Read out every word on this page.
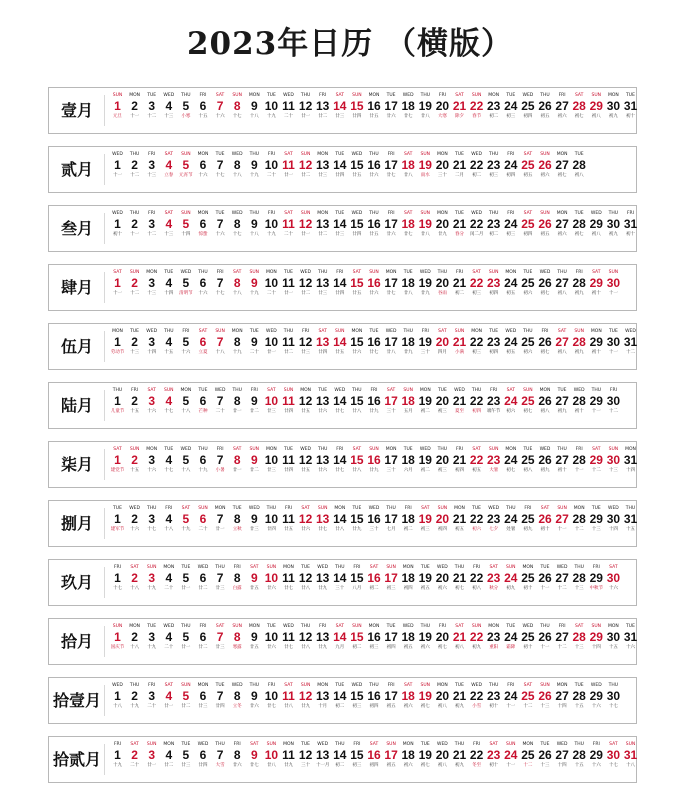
2023年日历 （横版）
壹月
SUN
1
元旦
MON
2
十一
TUE
3
十二
WED
4
十三
THU
5
小寒
FRI
6
十五
SAT
7
十六
SUN
8
十七
MON
9
十八
TUE
10
十九
WED
11
二十
THU
12
廿一
FRI
13
廿二
SAT
14
廿三
SUN
15
廿四
MON
16
廿五
TUE
17
廿六
WED
18
廿七
THU
19
廿八
FRI
20
大寒
SAT
21
除夕
SUN
22
春节
MON
23
初二
TUE
24
初三
WED
25
初四
THU
26
初五
FRI
27
初六
SAT
28
初七
SUN
29
初八
MON
30
初九
TUE
31
初十
贰月
WED
1
十一
THU
2
十二
FRI
3
十三
SAT
4
立春
SUN
5
元宵节
MON
6
十六
TUE
7
十七
WED
8
十八
THU
9
十九
FRI
10
二十
SAT
11
廿一
SUN
12
廿二
MON
13
廿三
TUE
14
廿四
WED
15
廿五
THU
16
廿六
FRI
17
廿七
SAT
18
廿八
SUN
19
雨水
MON
20
三十
TUE
21
二月
WED
22
初二
THU
23
初三
FRI
24
初四
SAT
25
初五
SUN
26
初六
MON
27
初七
TUE
28
初八
叁月
WED
1
初十
THU
2
十一
FRI
3
十二
SAT
4
十三
SUN
5
十四
MON
6
惊蛰
TUE
7
十六
WED
8
十七
THU
9
十八
FRI
10
十九
SAT
11
二十
SUN
12
廿一
MON
13
廿二
TUE
14
廿三
WED
15
廿四
THU
16
廿五
FRI
17
廿六
SAT
18
廿七
SUN
19
廿八
MON
20
廿九
TUE
21
春分
WED
22
闰二月
THU
23
初二
FRI
24
初三
SAT
25
初四
SUN
26
初五
MON
27
初六
TUE
28
初七
WED
29
初八
THU
30
初九
FRI
31
初十
肆月
SAT
1
十一
SUN
2
十二
MON
3
十三
TUE
4
十四
WED
5
清明节
THU
6
十六
FRI
7
十七
SAT
8
十八
SUN
9
十九
MON
10
二十
TUE
11
廿一
WED
12
廿二
THU
13
廿三
FRI
14
廿四
SAT
15
廿五
SUN
16
廿六
MON
17
廿七
TUE
18
廿八
WED
19
廿九
THU
20
谷雨
FRI
21
初二
SAT
22
初三
SUN
23
初四
MON
24
初五
TUE
25
初六
WED
26
初七
THU
27
初八
FRI
28
初九
SAT
29
初十
SUN
30
十一
伍月
MON
1
劳动节
TUE
2
十三
WED
3
十四
THU
4
十五
FRI
5
十六
SAT
6
立夏
SUN
7
十八
MON
8
十九
TUE
9
二十
WED
10
廿一
THU
11
廿二
FRI
12
廿三
SAT
13
廿四
SUN
14
廿五
MON
15
廿六
TUE
16
廿七
WED
17
廿八
THU
18
廿九
FRI
19
三十
SAT
20
四月
SUN
21
小满
MON
22
初三
TUE
23
初四
WED
24
初五
THU
25
初六
FRI
26
初七
SAT
27
初八
SUN
28
初九
MON
29
初十
TUE
30
十一
WED
31
十二
陆月
THU
1
儿童节
FRI
2
十五
SAT
3
十六
SUN
4
十七
MON
5
十八
TUE
6
芒种
WED
7
二十
THU
8
廿一
FRI
9
廿二
SAT
10
廿三
SUN
11
廿四
MON
12
廿五
TUE
13
廿六
WED
14
廿七
THU
15
廿八
FRI
16
廿九
SAT
17
三十
SUN
18
五月
MON
19
初二
TUE
20
初三
WED
21
夏至
THU
22
初四
FRI
23
端午节
SAT
24
初六
SUN
25
初七
MON
26
初八
TUE
27
初九
WED
28
初十
THU
29
十一
FRI
30
十二
柒月
SAT
1
建党节
SUN
2
十五
MON
3
十六
TUE
4
十七
WED
5
十八
THU
6
十九
FRI
7
小暑
SAT
8
廿一
SUN
9
廿二
MON
10
廿三
TUE
11
廿四
WED
12
廿五
THU
13
廿六
FRI
14
廿七
SAT
15
廿八
SUN
16
廿九
MON
17
三十
TUE
18
六月
WED
19
初二
THU
20
初三
FRI
21
初四
SAT
22
初五
SUN
23
大暑
MON
24
初七
TUE
25
初八
WED
26
初九
THU
27
初十
FRI
28
十一
SAT
29
十二
SUN
30
十三
MON
31
十四
捌月
TUE
1
建军节
WED
2
十六
THU
3
十七
FRI
4
十八
SAT
5
十九
SUN
6
二十
MON
7
廿一
TUE
8
立秋
WED
9
廿三
THU
10
廿四
FRI
11
廿五
SAT
12
廿六
SUN
13
廿七
MON
14
廿八
TUE
15
廿九
WED
16
三十
THU
17
七月
FRI
18
初二
SAT
19
初三
SUN
20
初四
MON
21
初五
TUE
22
初六
WED
23
七夕
THU
24
处暑
FRI
25
初九
SAT
26
初十
SUN
27
十一
MON
28
十二
TUE
29
十三
WED
30
十四
THU
31
十五
玖月
FRI
1
十七
SAT
2
十八
SUN
3
十九
MON
4
二十
TUE
5
廿一
WED
6
廿二
THU
7
廿三
FRI
8
白露
SAT
9
廿五
SUN
10
廿六
MON
11
廿七
TUE
12
廿八
WED
13
廿九
THU
14
三十
FRI
15
八月
SAT
16
初二
SUN
17
初三
MON
18
初四
TUE
19
初五
WED
20
初六
THU
21
初七
FRI
22
初八
SAT
23
秋分
SUN
24
初九
MON
25
初十
TUE
26
十一
WED
27
十二
THU
28
十三
FRI
29
中秋节
SAT
30
十六
拾月
SUN
1
国庆节
MON
2
十八
TUE
3
十九
WED
4
二十
THU
5
廿一
FRI
6
廿二
SAT
7
廿三
SUN
8
寒露
MON
9
廿五
TUE
10
廿六
WED
11
廿七
THU
12
廿八
FRI
13
廿九
SAT
14
九月
SUN
15
初二
MON
16
初三
TUE
17
初四
WED
18
初五
THU
19
初六
FRI
20
初七
SAT
21
初八
SUN
22
初九
MON
23
重阳
TUE
24
霜降
WED
25
初十
THU
26
十一
FRI
27
十二
SAT
28
十三
SUN
29
十四
MON
30
十五
TUE
31
十六
拾壹月
WED
1
十八
THU
2
十九
FRI
3
二十
SAT
4
廿一
SUN
5
廿二
MON
6
廿三
TUE
7
廿四
WED
8
立冬
THU
9
廿六
FRI
10
廿七
SAT
11
廿八
SUN
12
廿九
MON
13
十月
TUE
14
初二
WED
15
初三
THU
16
初四
FRI
17
初五
SAT
18
初六
SUN
19
初七
MON
20
初八
TUE
21
初九
WED
22
小雪
THU
23
初十
FRI
24
十一
SAT
25
十二
SUN
26
十三
MON
27
十四
TUE
28
十五
WED
29
十六
THU
30
十七
拾贰月
FRI
1
十九
SAT
2
二十
SUN
3
廿一
MON
4
廿二
TUE
5
廿三
WED
6
廿四
THU
7
大雪
FRI
8
廿六
SAT
9
廿七
SUN
10
廿八
MON
11
廿九
TUE
12
三十
WED
13
十一月
THU
14
初二
FRI
15
初三
SAT
16
初四
SUN
17
初五
MON
18
初六
TUE
19
初七
WED
20
初八
THU
21
初九
FRI
22
冬至
SAT
23
初十
SUN
24
十一
MON
25
十二
TUE
26
十三
WED
27
十四
THU
28
十五
FRI
29
十六
SAT
30
十七
SUN
31
十八
